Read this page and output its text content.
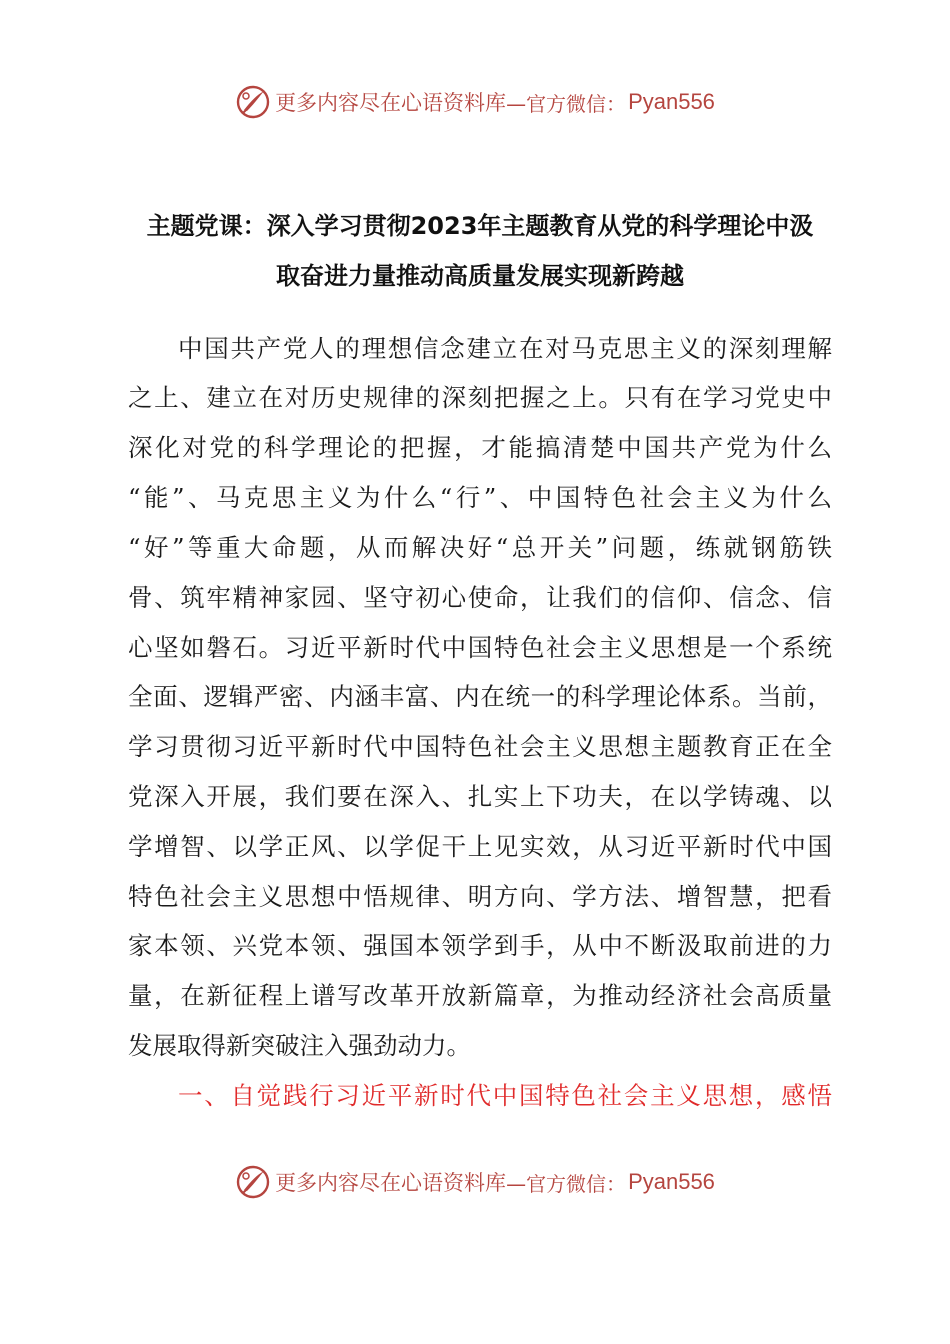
更多内容尽在心语资料库 —官方微信： Pyan556
主题党课：深入学习贯彻2023年主题教育从党的科学理论中汲
取奋进力量推动高质量发展实现新跨越
中国共产党人的理想信念建立在对马克思主义的深刻理解
之上、建立在对历史规律的深刻把握之上。只有在学习党史中
深化对党的科学理论的把握，才能搞清楚中国共产党为什么
“能”、马克思主义为什么“行”、中国特色社会主义为什么
“好”等重大命题，从而解决好“总开关”问题，练就钢筋铁
骨、筑牢精神家园、坚守初心使命，让我们的信仰、信念、信
心坚如磐石。习近平新时代中国特色社会主义思想是一个系统
全面、逻辑严密、内涵丰富、内在统一的科学理论体系。当前，
学习贯彻习近平新时代中国特色社会主义思想主题教育正在全
党深入开展，我们要在深入、扎实上下功夫，在以学铸魂、以
学增智、以学正风、以学促干上见实效，从习近平新时代中国
特色社会主义思想中悟规律、明方向、学方法、增智慧，把看
家本领、兴党本领、强国本领学到手，从中不断汲取前进的力
量，在新征程上谱写改革开放新篇章，为推动经济社会高质量
发展取得新突破注入强劲动力。
一、自觉践行习近平新时代中国特色社会主义思想，感悟
更多内容尽在心语资料库 —官方微信： Pyan556
